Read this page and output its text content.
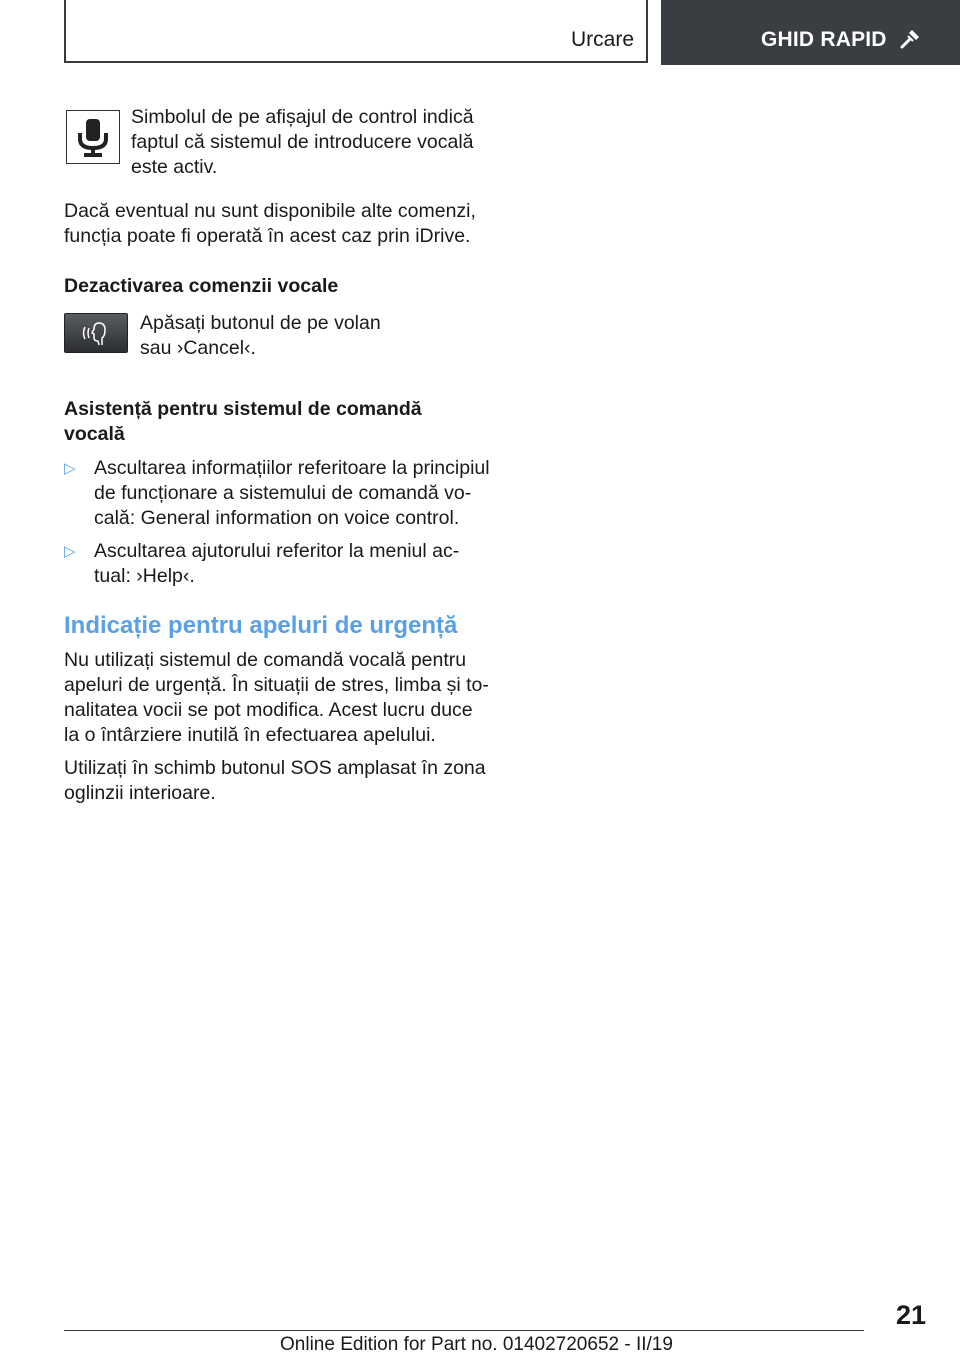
Urcare	GHID RAPID

Simbolul de pe afișajul de control indică

faptul că sistemul de introducere vocală

este activ.

Dacă eventual nu sunt disponibile alte comenzi,

funcția poate fi operată în acest caz prin iDrive.

Dezactivarea comenzii vocale

Apăsați butonul de pe volan

sau ›Cancel‹.

Asistență pentru sistemul de comandă

vocală

▷ Ascultarea informațiilor referitoare la principiul

de funcționare a sistemului de comandă vo-

cală: General information on voice control.

▷ Ascultarea ajutorului referitor la meniul ac-

tual: ›Help‹.

Indicație pentru apeluri de urgență

Nu utilizați sistemul de comandă vocală pentru

apeluri de urgență. În situații de stres, limba și to-

nalitatea vocii se pot modifica. Acest lucru duce

la o întârziere inutilă în efectuarea apelului.

Utilizați în schimb butonul SOS amplasat în zona

oglinzii interioare.

21
Online Edition for Part no. 01402720652 - II/19
